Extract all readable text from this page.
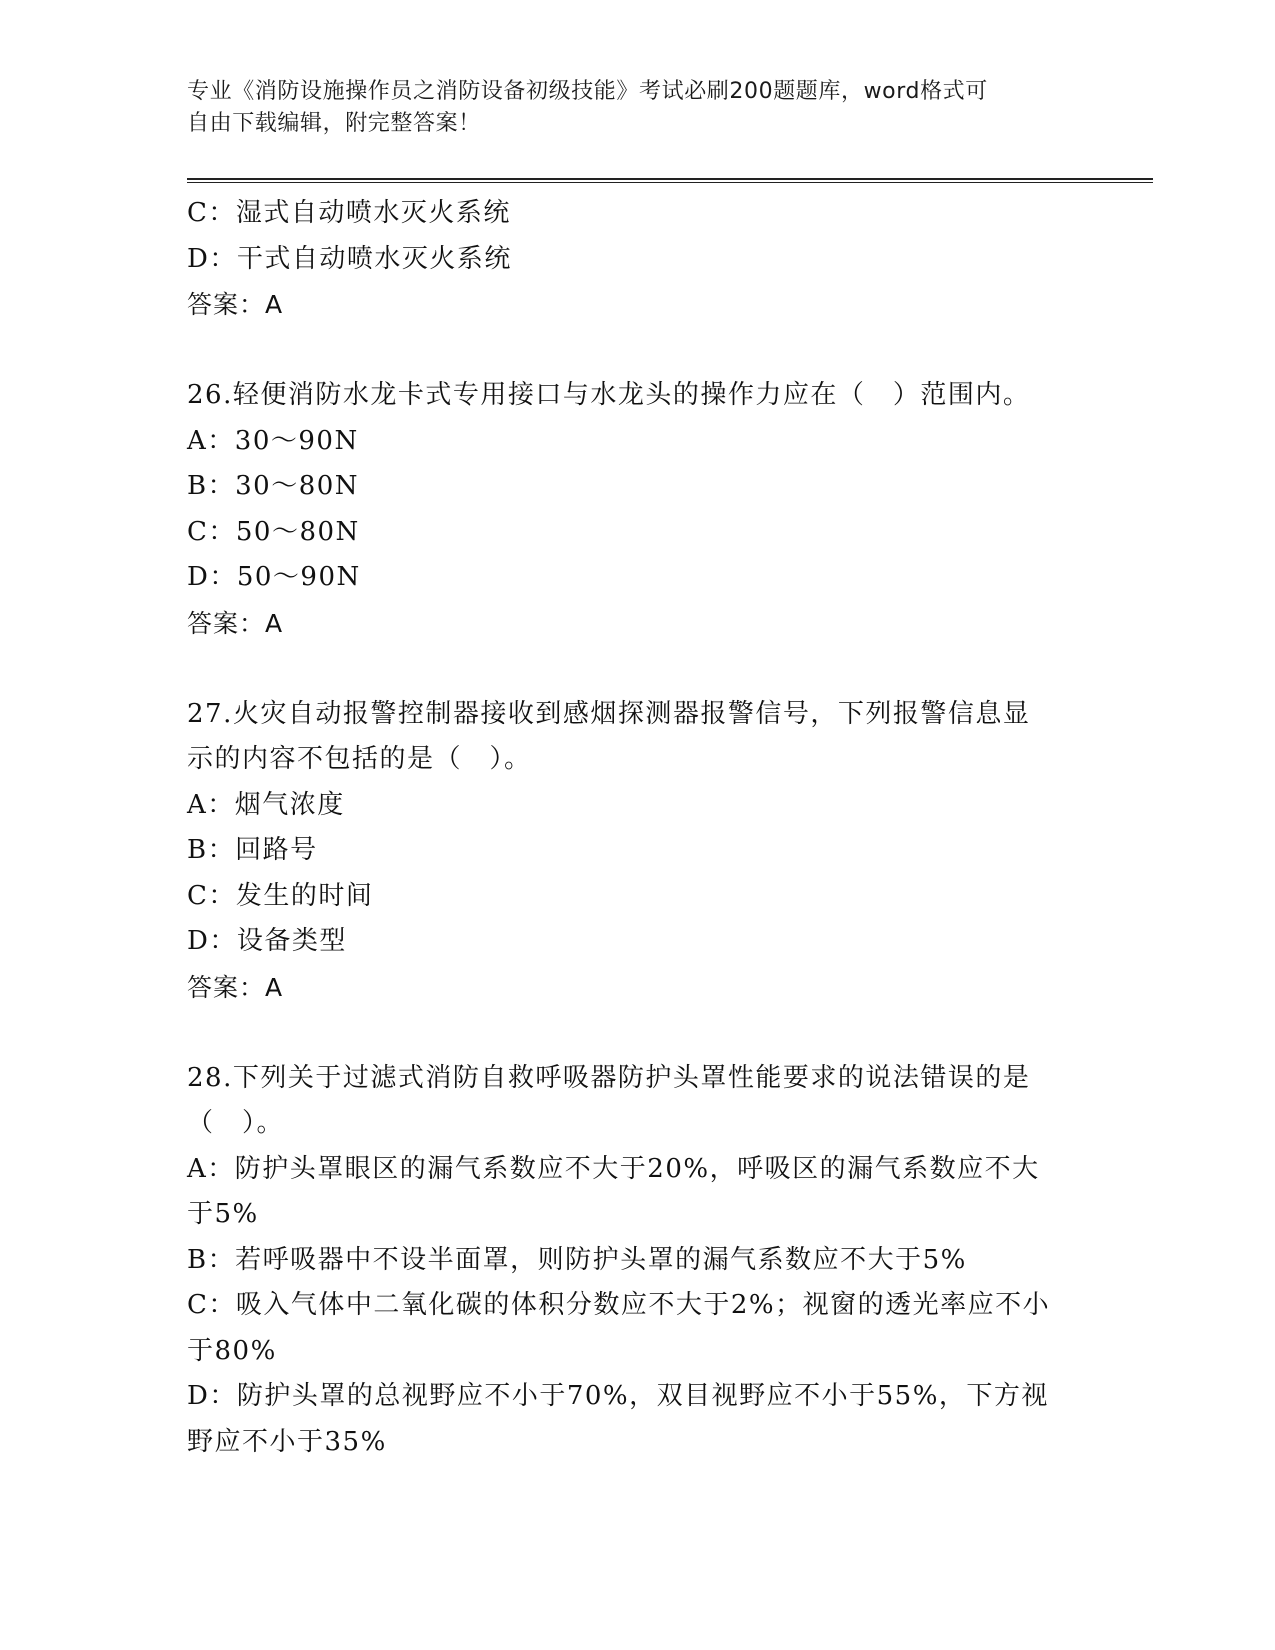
专业《消防设施操作员之消防设备初级技能》考试必刷200题题库，word格式可
自由下载编辑，附完整答案！
C：湿式自动喷水灭火系统
D：干式自动喷水灭火系统
答案：A
26.轻便消防水龙卡式专用接口与水龙头的操作力应在（　）范围内。
A：30～90N
B：30～80N
C：50～80N
D：50～90N
答案：A
27.火灾自动报警控制器接收到感烟探测器报警信号，下列报警信息显
示的内容不包括的是（　）。
A：烟气浓度
B：回路号
C：发生的时间
D：设备类型
答案：A
28.下列关于过滤式消防自救呼吸器防护头罩性能要求的说法错误的是
（　）。
A：防护头罩眼区的漏气系数应不大于20%，呼吸区的漏气系数应不大
于5%
B：若呼吸器中不设半面罩，则防护头罩的漏气系数应不大于5%
C：吸入气体中二氧化碳的体积分数应不大于2%；视窗的透光率应不小
于80%
D：防护头罩的总视野应不小于70%，双目视野应不小于55%，下方视
野应不小于35%
